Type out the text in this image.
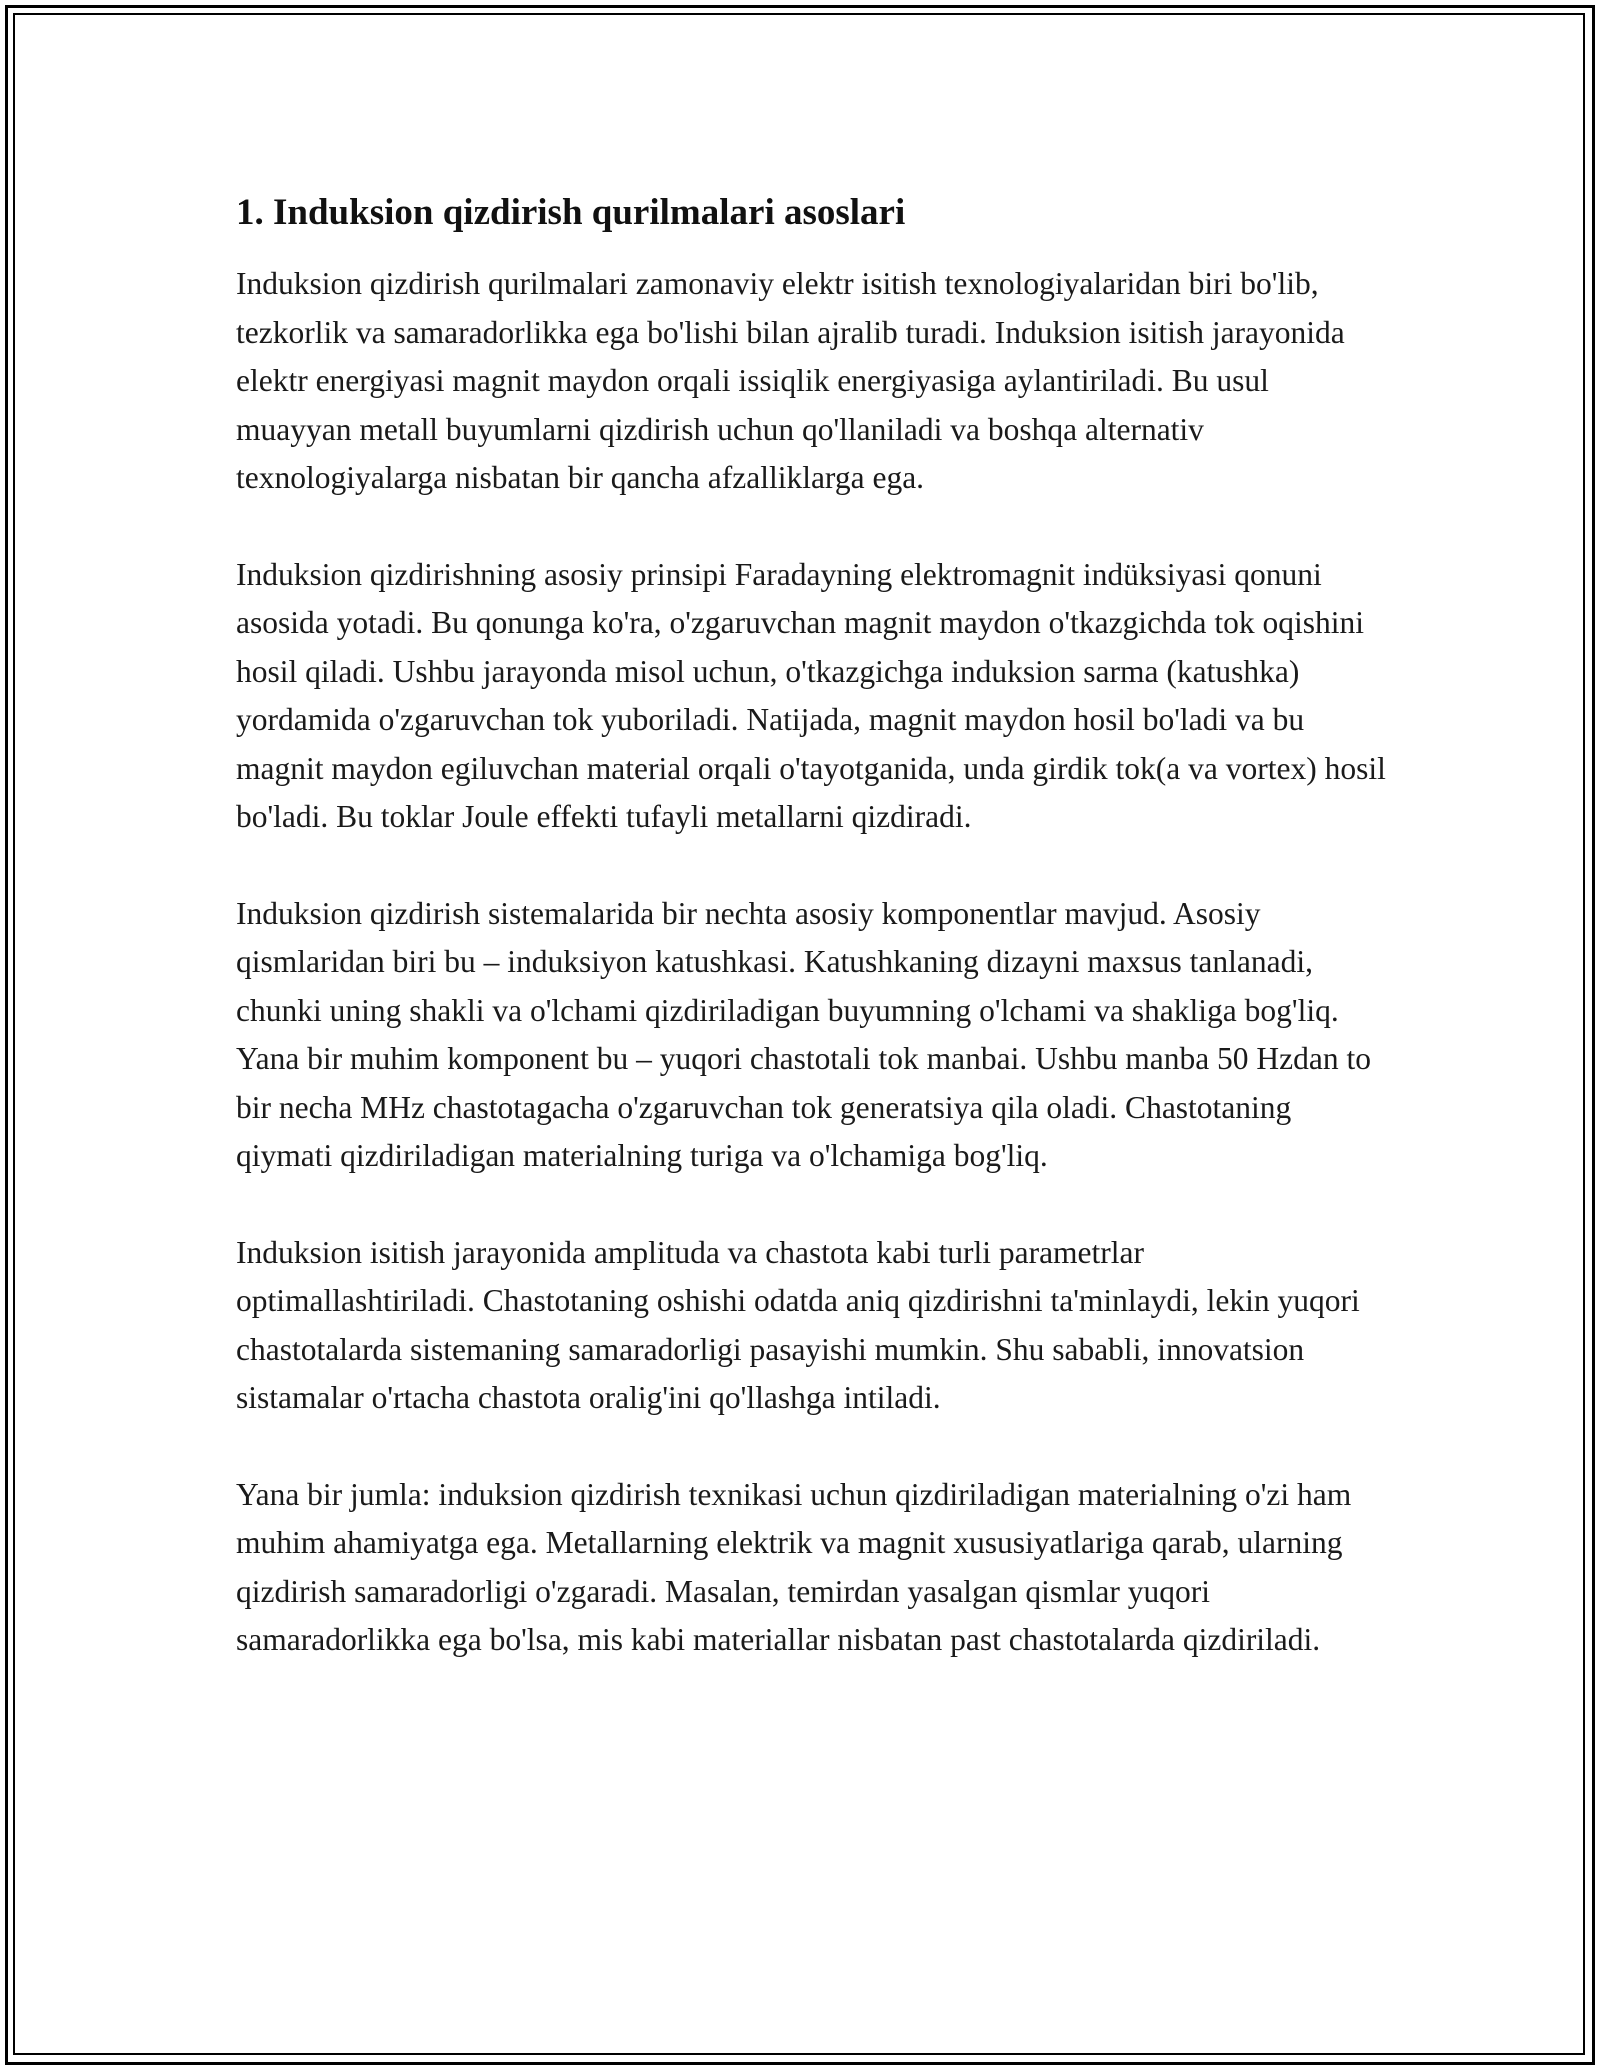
1. Induksion qizdirish qurilmalari asoslari

Induksion qizdirish qurilmalari zamonaviy elektr isitish texnologiyalaridan biri bo'lib, tezkorlik va samaradorlikka ega bo'lishi bilan ajralib turadi. Induksion isitish jarayonida elektr energiyasi magnit maydon orqali issiqlik energiyasiga aylantiriladi. Bu usul muayyan metall buyumlarni qizdirish uchun qo'llaniladi va boshqa alternativ texnologiyalarga nisbatan bir qancha afzalliklarga ega.

Induksion qizdirishning asosiy prinsipi Faradayning elektromagnit indüksiyasi qonuni asosida yotadi. Bu qonunga ko'ra, o'zgaruvchan magnit maydon o'tkazgichda tok oqishini hosil qiladi. Ushbu jarayonda misol uchun, o'tkazgichga induksion sarma (katushka) yordamida o'zgaruvchan tok yuboriladi. Natijada, magnit maydon hosil bo'ladi va bu magnit maydon egiluvchan material orqali o'tayotganida, unda girdik tok(a va vortex) hosil bo'ladi. Bu toklar Joule effekti tufayli metallarni qizdiradi.

Induksion qizdirish sistemalarida bir nechta asosiy komponentlar mavjud. Asosiy qismlaridan biri bu – induksiyon katushkasi. Katushkaning dizayni maxsus tanlanadi, chunki uning shakli va o'lchami qizdiriladigan buyumning o'lchami va shakliga bog'liq. Yana bir muhim komponent bu – yuqori chastotali tok manbai. Ushbu manba 50 Hzdan to bir necha MHz chastotagacha o'zgaruvchan tok generatsiya qila oladi. Chastotaning qiymati qizdiriladigan materialning turiga va o'lchamiga bog'liq.

Induksion isitish jarayonida amplituda va chastota kabi turli parametrlar optimallashtiriladi. Chastotaning oshishi odatda aniq qizdirishni ta'minlaydi, lekin yuqori chastotalarda sistemaning samaradorligi pasayishi mumkin. Shu sababli, innovatsion sistamalar o'rtacha chastota oralig'ini qo'llashga intiladi.

Yana bir jumla: induksion qizdirish texnikasi uchun qizdiriladigan materialning o'zi ham muhim ahamiyatga ega. Metallarning elektrik va magnit xususiyatlariga qarab, ularning qizdirish samaradorligi o'zgaradi. Masalan, temirdan yasalgan qismlar yuqori samaradorlikka ega bo'lsa, mis kabi materiallar nisbatan past chastotalarda qizdiriladi.
